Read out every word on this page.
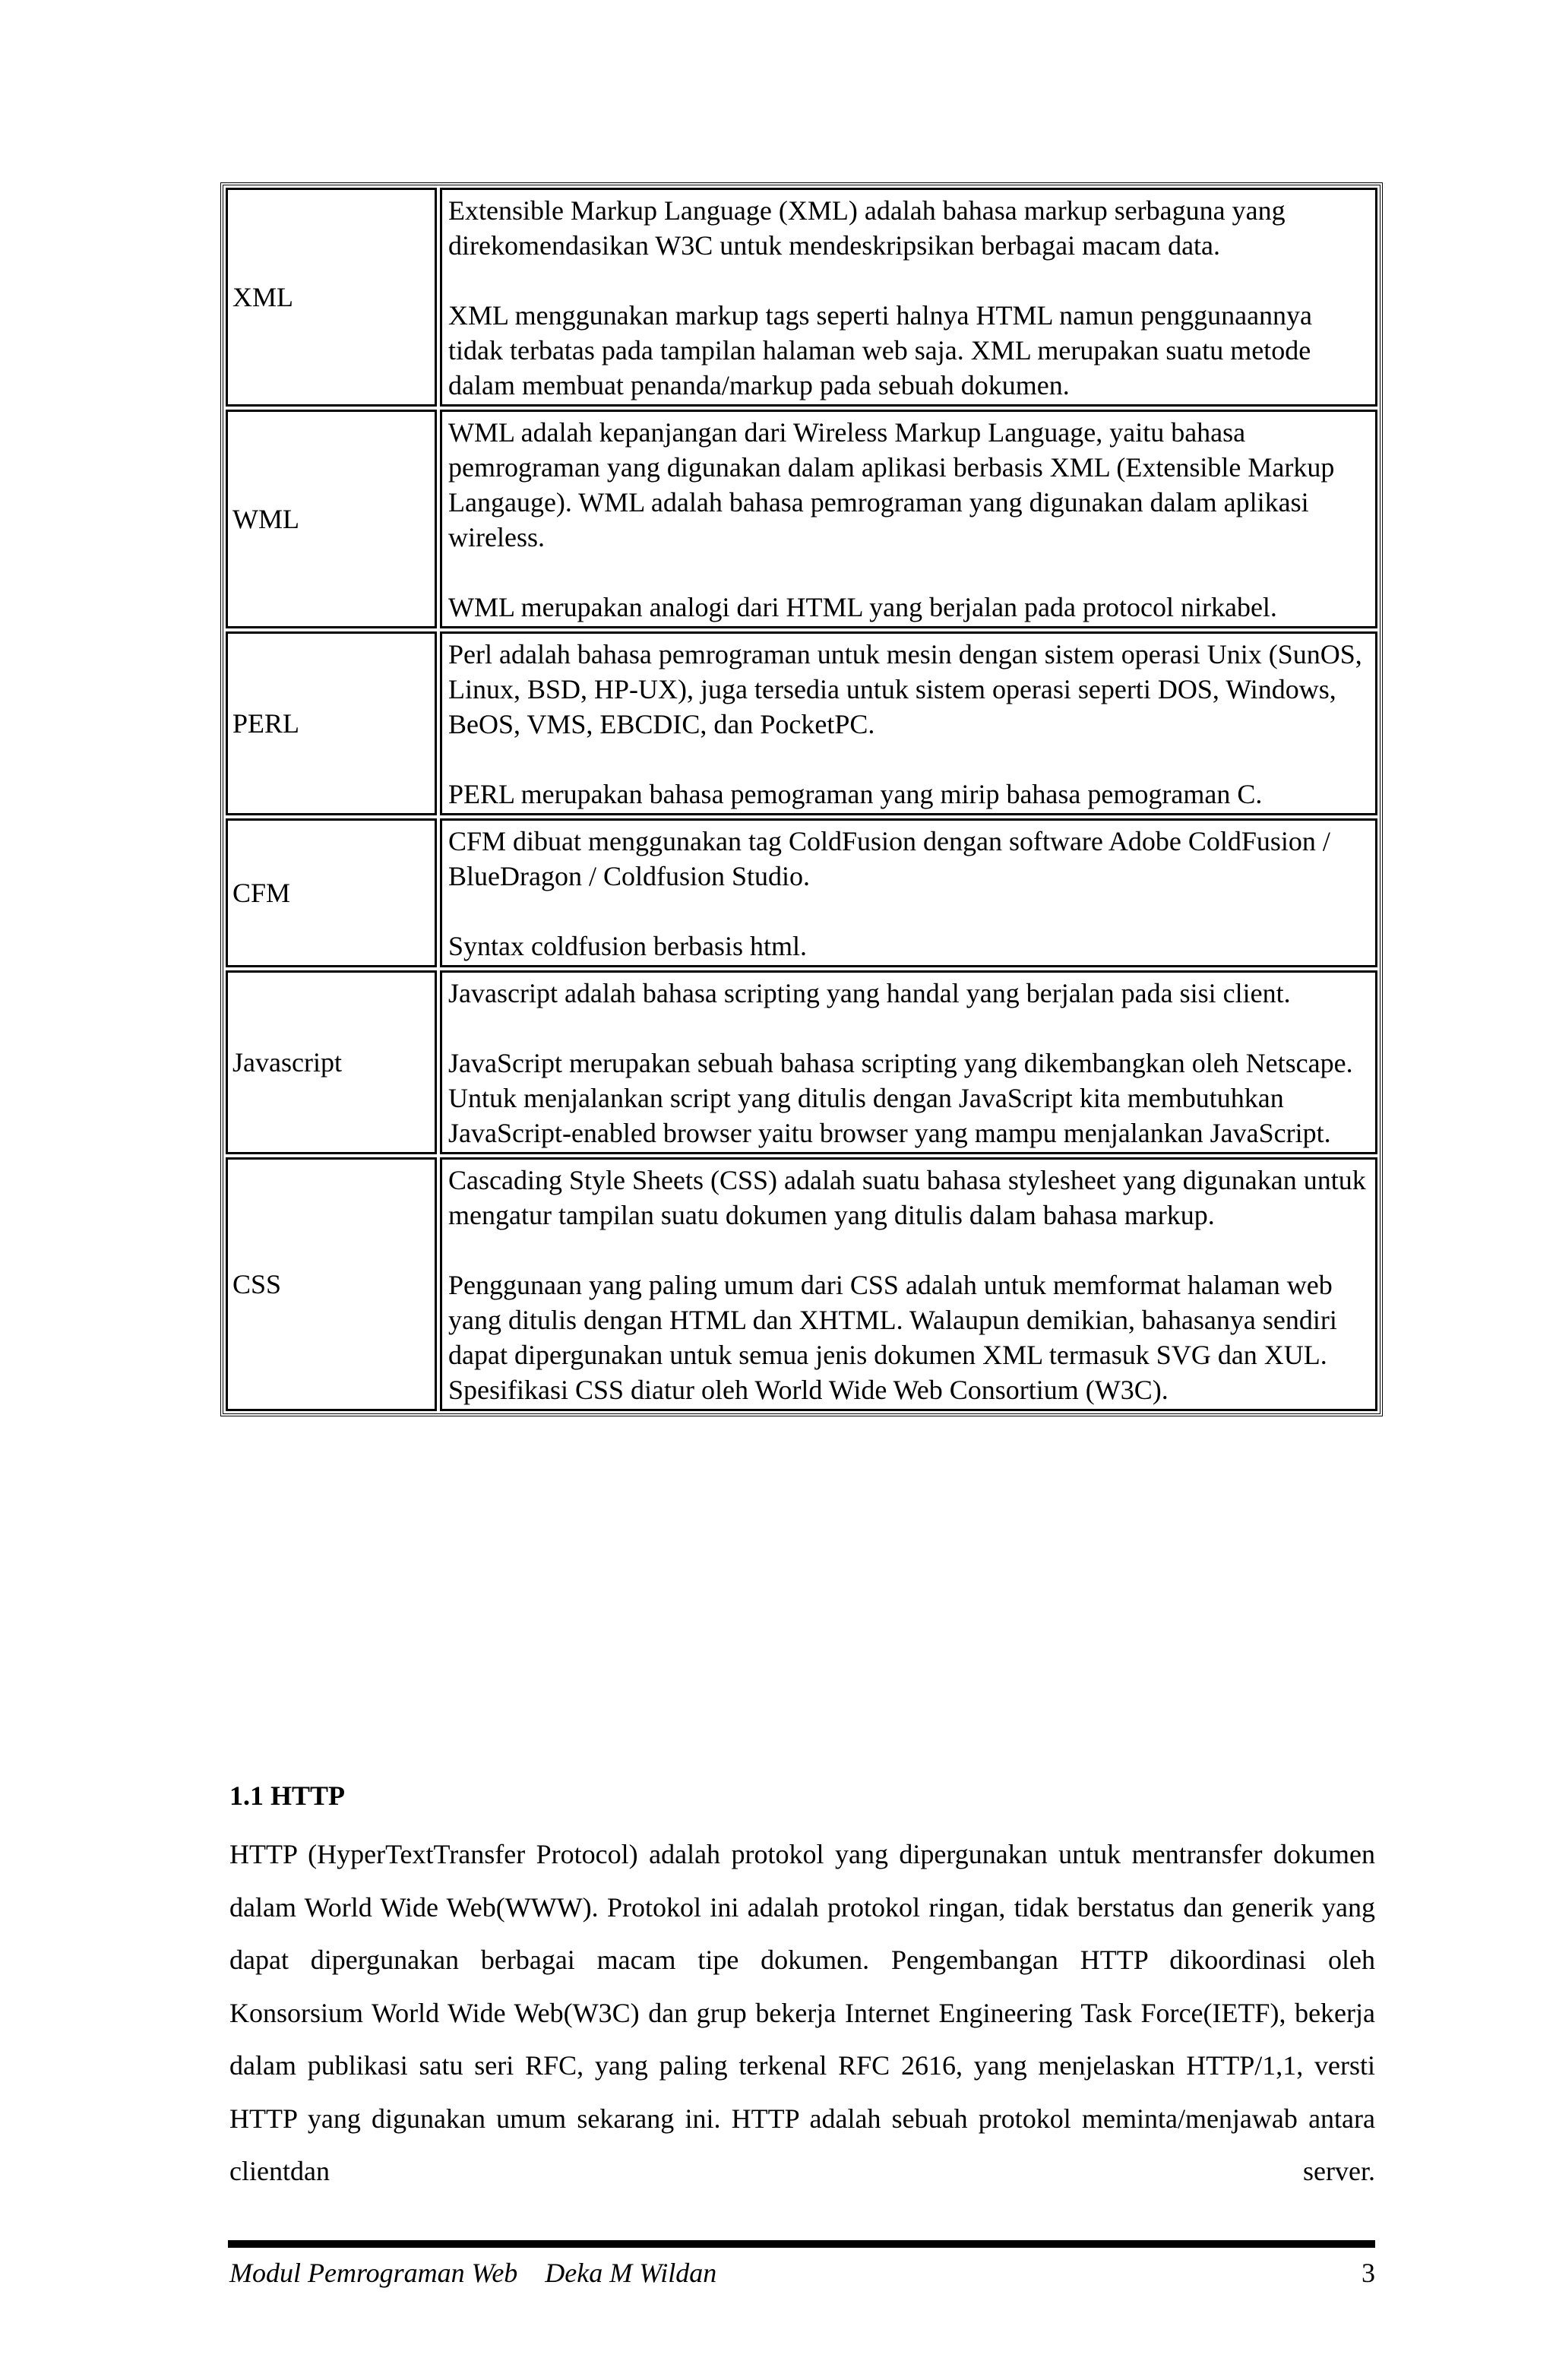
XML

Extensible Markup Language (XML) adalah bahasa markup serbaguna yang direkomendasikan W3C untuk mendeskripsikan berbagai macam data.

XML menggunakan markup tags seperti halnya HTML namun penggunaannya tidak terbatas pada tampilan halaman web saja. XML merupakan suatu metode dalam membuat penanda/markup pada sebuah dokumen.

WML

WML adalah kepanjangan dari Wireless Markup Language, yaitu bahasa pemrograman yang digunakan dalam aplikasi berbasis XML (Extensible Markup Langauge). WML adalah bahasa pemrograman yang digunakan dalam aplikasi wireless.

WML merupakan analogi dari HTML yang berjalan pada protocol nirkabel.

PERL

Perl adalah bahasa pemrograman untuk mesin dengan sistem operasi Unix (SunOS, Linux, BSD, HP-UX), juga tersedia untuk sistem operasi seperti DOS, Windows, BeOS, VMS, EBCDIC, dan PocketPC.

PERL merupakan bahasa pemograman yang mirip bahasa pemograman C.

CFM

CFM dibuat menggunakan tag ColdFusion dengan software Adobe ColdFusion / BlueDragon / Coldfusion Studio.

Syntax coldfusion berbasis html.

Javascript

Javascript adalah bahasa scripting yang handal yang berjalan pada sisi client.

JavaScript merupakan sebuah bahasa scripting yang dikembangkan oleh Netscape. Untuk menjalankan script yang ditulis dengan JavaScript kita membutuhkan JavaScript-enabled browser yaitu browser yang mampu menjalankan JavaScript.

CSS

Cascading Style Sheets (CSS) adalah suatu bahasa stylesheet yang digunakan untuk mengatur tampilan suatu dokumen yang ditulis dalam bahasa markup.

Penggunaan yang paling umum dari CSS adalah untuk memformat halaman web yang ditulis dengan HTML dan XHTML. Walaupun demikian, bahasanya sendiri dapat dipergunakan untuk semua jenis dokumen XML termasuk SVG dan XUL. Spesifikasi CSS diatur oleh World Wide Web Consortium (W3C).

1.1 HTTP

HTTP (HyperTextTransfer Protocol) adalah protokol yang dipergunakan untuk mentransfer dokumen dalam World Wide Web(WWW). Protokol ini adalah protokol ringan, tidak berstatus dan generik yang dapat dipergunakan berbagai macam tipe dokumen. Pengembangan HTTP dikoordinasi oleh Konsorsium World Wide Web(W3C) dan grup bekerja Internet Engineering Task Force(IETF), bekerja dalam publikasi satu seri RFC, yang paling terkenal RFC 2616, yang menjelaskan HTTP/1,1, versti HTTP yang digunakan umum sekarang ini. HTTP adalah sebuah protokol meminta/menjawab antara clientdan server.

Modul Pemrograman Web    Deka M Wildan	3
